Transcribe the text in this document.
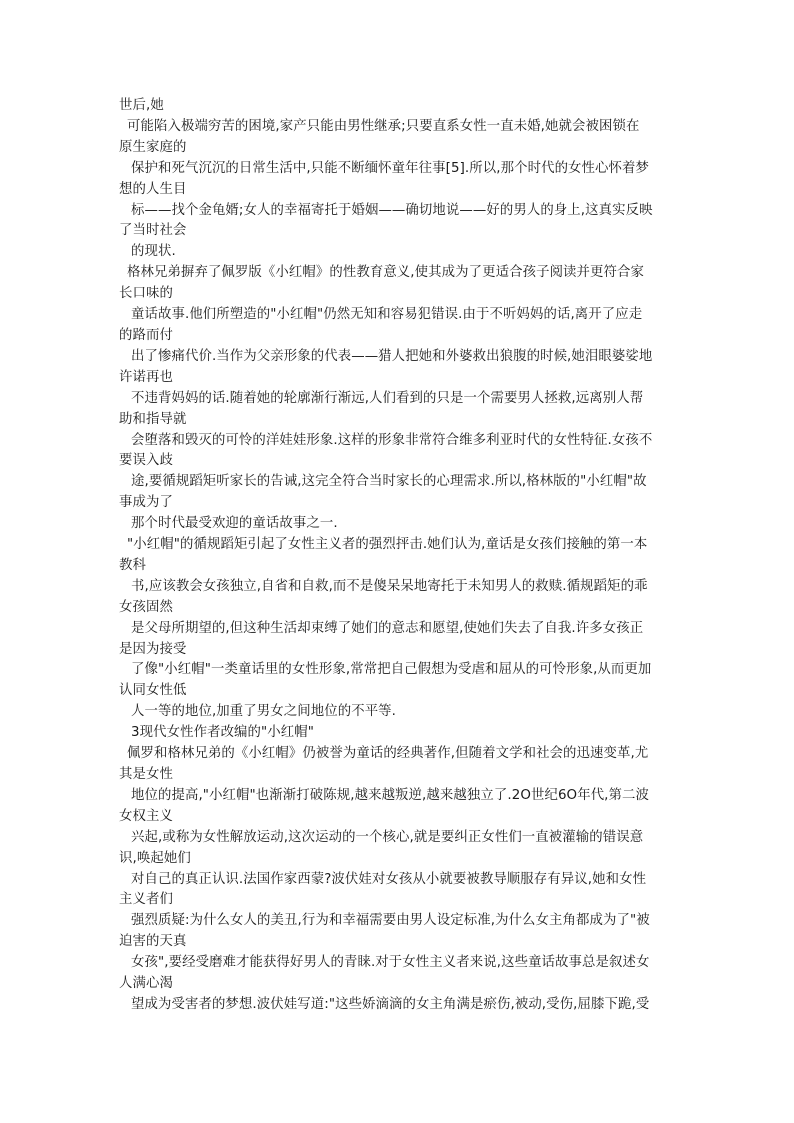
世后,她
可能陷入极端穷苦的困境,家产只能由男性继承;只要直系女性一直未婚,她就会被困锁在
原生家庭的
保护和死气沉沉的日常生活中,只能不断缅怀童年往事[5].所以,那个时代的女性心怀着梦
想的人生目
标——找个金龟婿;女人的幸福寄托于婚姻——确切地说——好的男人的身上,这真实反映
了当时社会
的现状.
格林兄弟摒弃了佩罗版《小红帽》的性教育意义,使其成为了更适合孩子阅读并更符合家
长口味的
童话故事.他们所塑造的"小红帽"仍然无知和容易犯错误.由于不听妈妈的话,离开了应走
的路而付
出了惨痛代价.当作为父亲形象的代表——猎人把她和外婆救出狼腹的时候,她泪眼婆娑地
许诺再也
不违背妈妈的话.随着她的轮廓渐行渐远,人们看到的只是一个需要男人拯救,远离别人帮
助和指导就
会堕落和毁灭的可怜的洋娃娃形象.这样的形象非常符合维多利亚时代的女性特征.女孩不
要误入歧
途,要循规蹈矩听家长的告诫,这完全符合当时家长的心理需求.所以,格林版的"小红帽"故
事成为了
那个时代最受欢迎的童话故事之一.
"小红帽"的循规蹈矩引起了女性主义者的强烈抨击.她们认为,童话是女孩们接触的第一本
教科
书,应该教会女孩独立,自省和自救,而不是傻呆呆地寄托于未知男人的救赎.循规蹈矩的乖
女孩固然
是父母所期望的,但这种生活却束缚了她们的意志和愿望,使她们失去了自我.许多女孩正
是因为接受
了像"小红帽"一类童话里的女性形象,常常把自己假想为受虐和屈从的可怜形象,从而更加
认同女性低
人一等的地位,加重了男女之间地位的不平等.
3现代女性作者改编的"小红帽"
佩罗和格林兄弟的《小红帽》仍被誉为童话的经典著作,但随着文学和社会的迅速变革,尤
其是女性
地位的提高,"小红帽"也渐渐打破陈规,越来越叛逆,越来越独立了.2O世纪6O年代,第二波
女权主义
兴起,或称为女性解放运动,这次运动的一个核心,就是要纠正女性们一直被灌输的错误意
识,唤起她们
对自己的真正认识.法国作家西蒙?波伏娃对女孩从小就要被教导顺服存有异议,她和女性
主义者们
强烈质疑:为什么女人的美丑,行为和幸福需要由男人设定标准,为什么女主角都成为了"被
迫害的天真
女孩",要经受磨难才能获得好男人的青睐.对于女性主义者来说,这些童话故事总是叙述女
人满心渴
望成为受害者的梦想.波伏娃写道:"这些娇滴滴的女主角满是瘀伤,被动,受伤,屈膝下跪,受
